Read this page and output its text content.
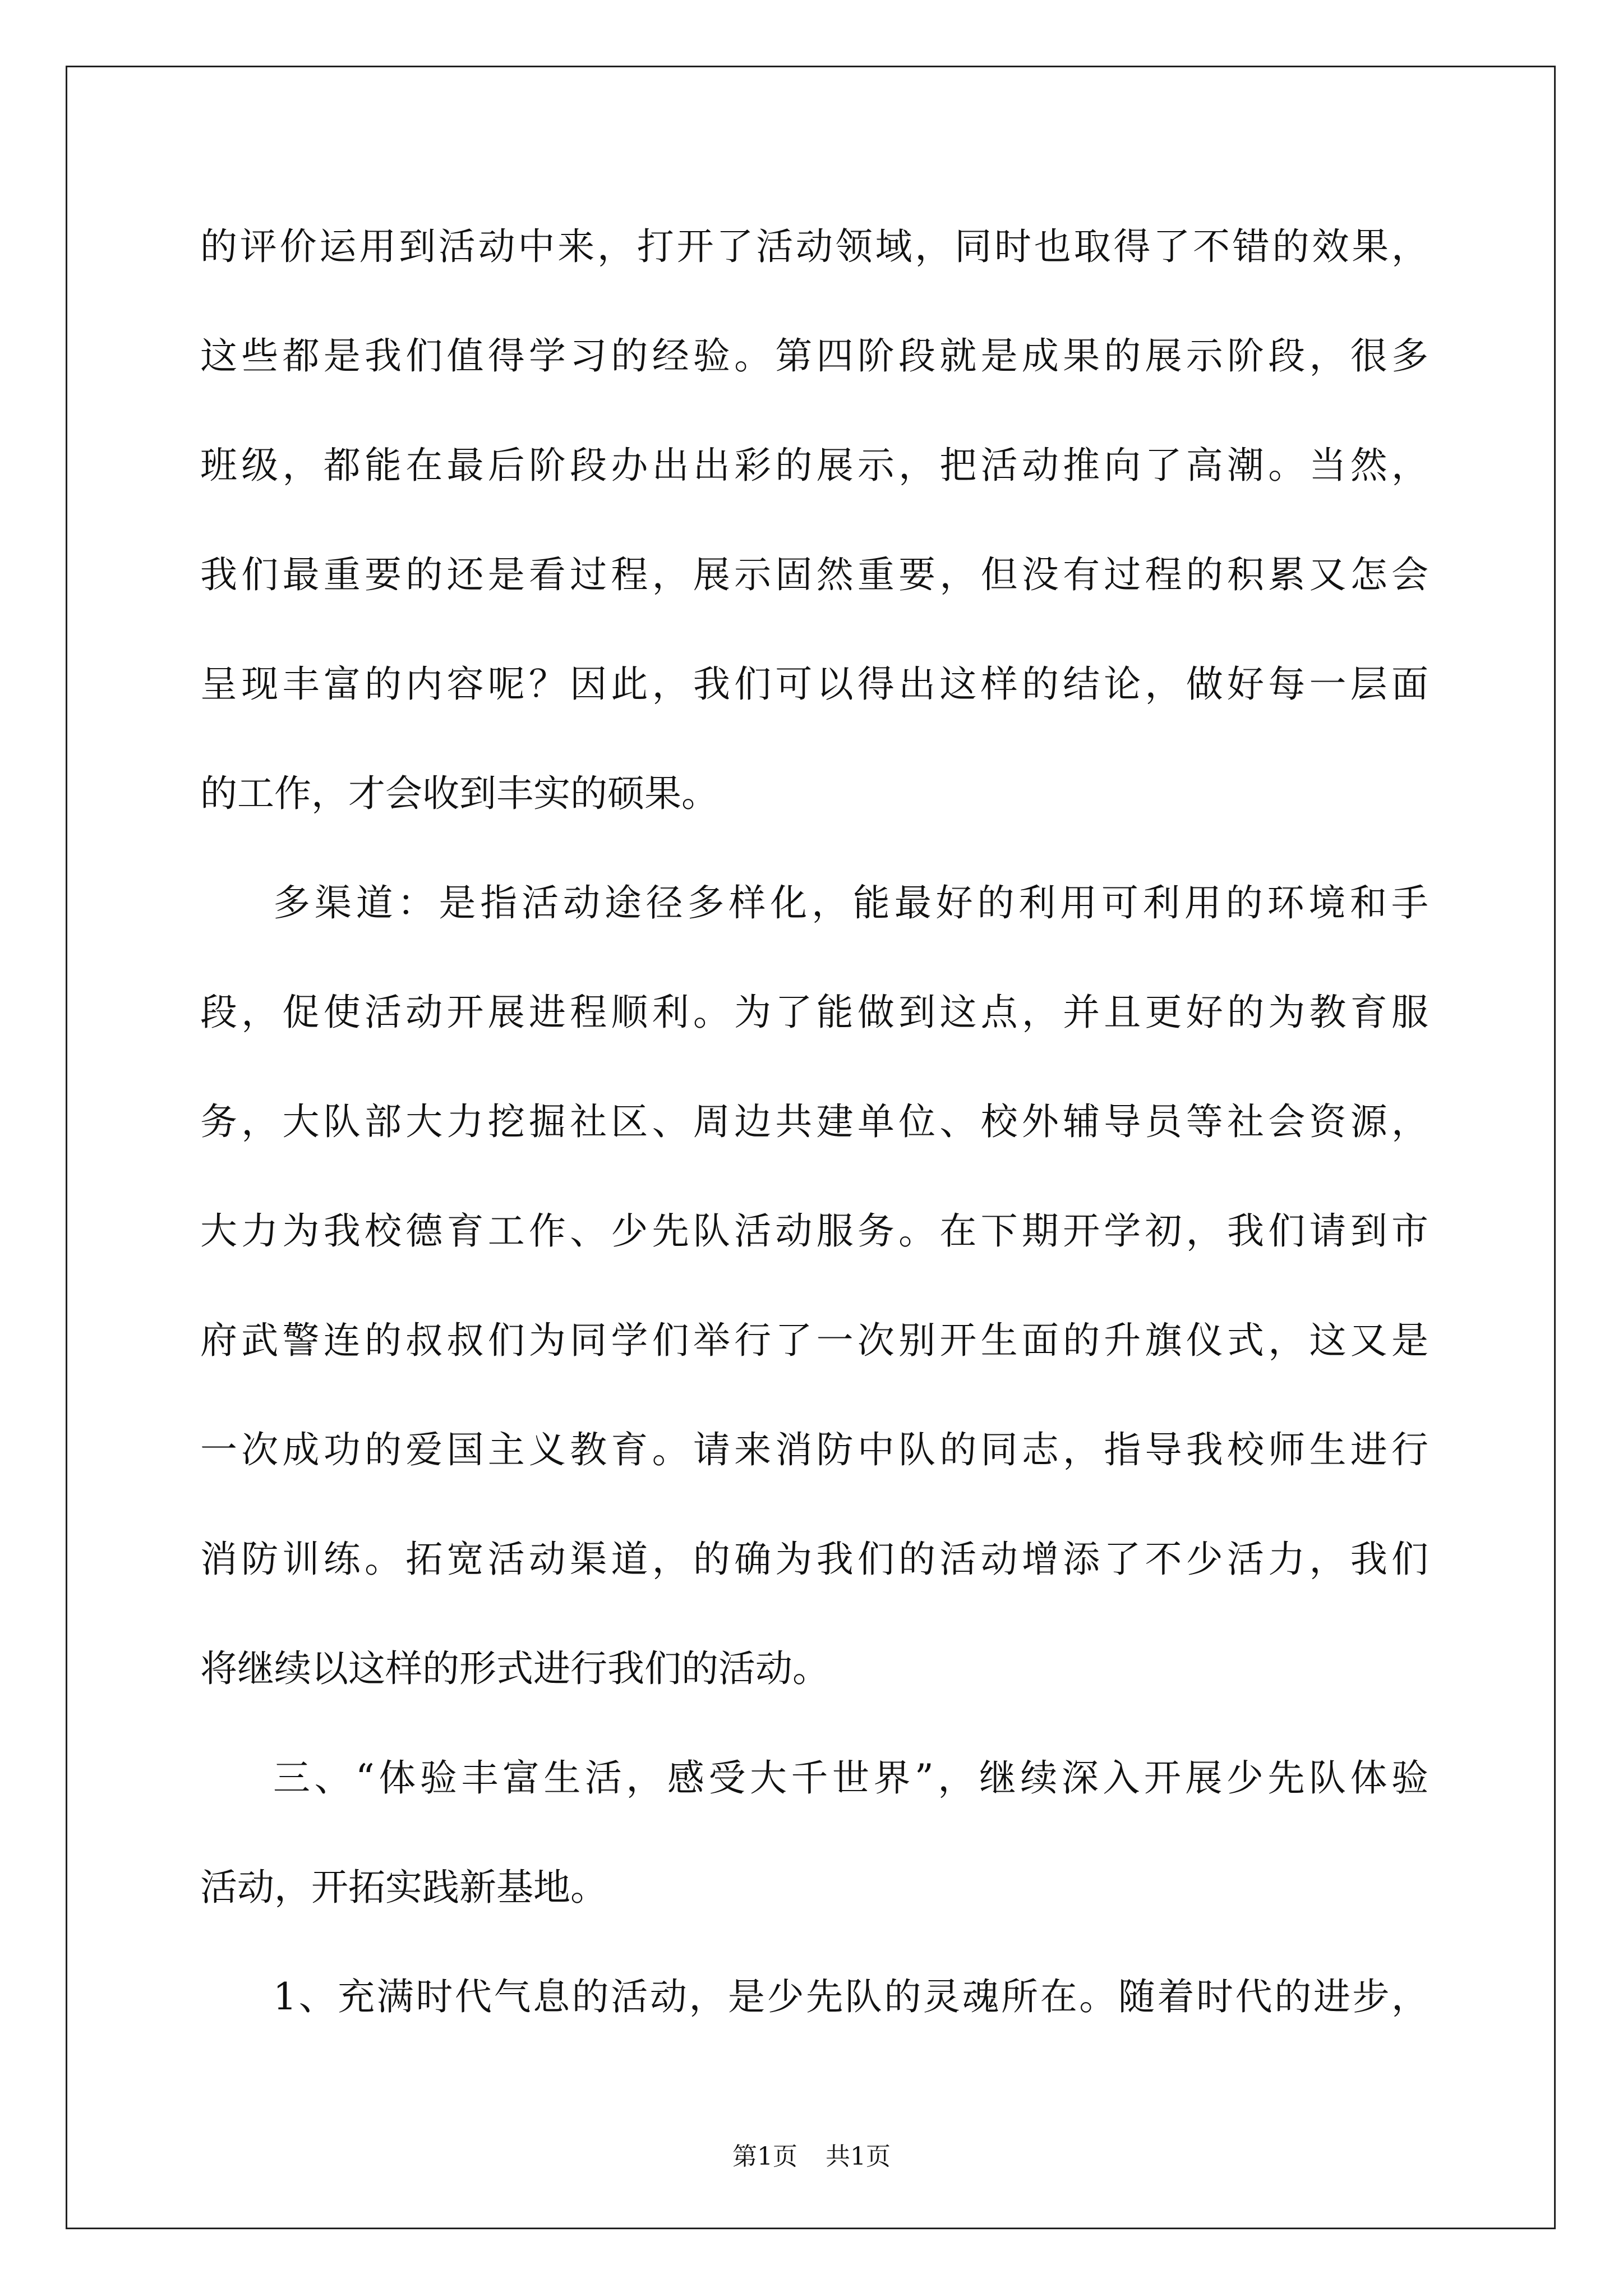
的评价运用到活动中来，打开了活动领域，同时也取得了不错的效果，
这些都是我们值得学习的经验。第四阶段就是成果的展示阶段，很多
班级，都能在最后阶段办出出彩的展示，把活动推向了高潮。当然，
我们最重要的还是看过程，展示固然重要，但没有过程的积累又怎会
呈现丰富的内容呢？因此，我们可以得出这样的结论，做好每一层面
的工作，才会收到丰实的硕果。
多渠道：是指活动途径多样化，能最好的利用可利用的环境和手
段，促使活动开展进程顺利。为了能做到这点，并且更好的为教育服
务，大队部大力挖掘社区、周边共建单位、校外辅导员等社会资源，
大力为我校德育工作、少先队活动服务。在下期开学初，我们请到市
府武警连的叔叔们为同学们举行了一次别开生面的升旗仪式，这又是
一次成功的爱国主义教育。请来消防中队的同志，指导我校师生进行
消防训练。拓宽活动渠道，的确为我们的活动增添了不少活力，我们
将继续以这样的形式进行我们的活动。
三、“体验丰富生活，感受大千世界”，继续深入开展少先队体验
活动，开拓实践新基地。
1、充满时代气息的活动，是少先队的灵魂所在。随着时代的进步，
第1页 共1页
